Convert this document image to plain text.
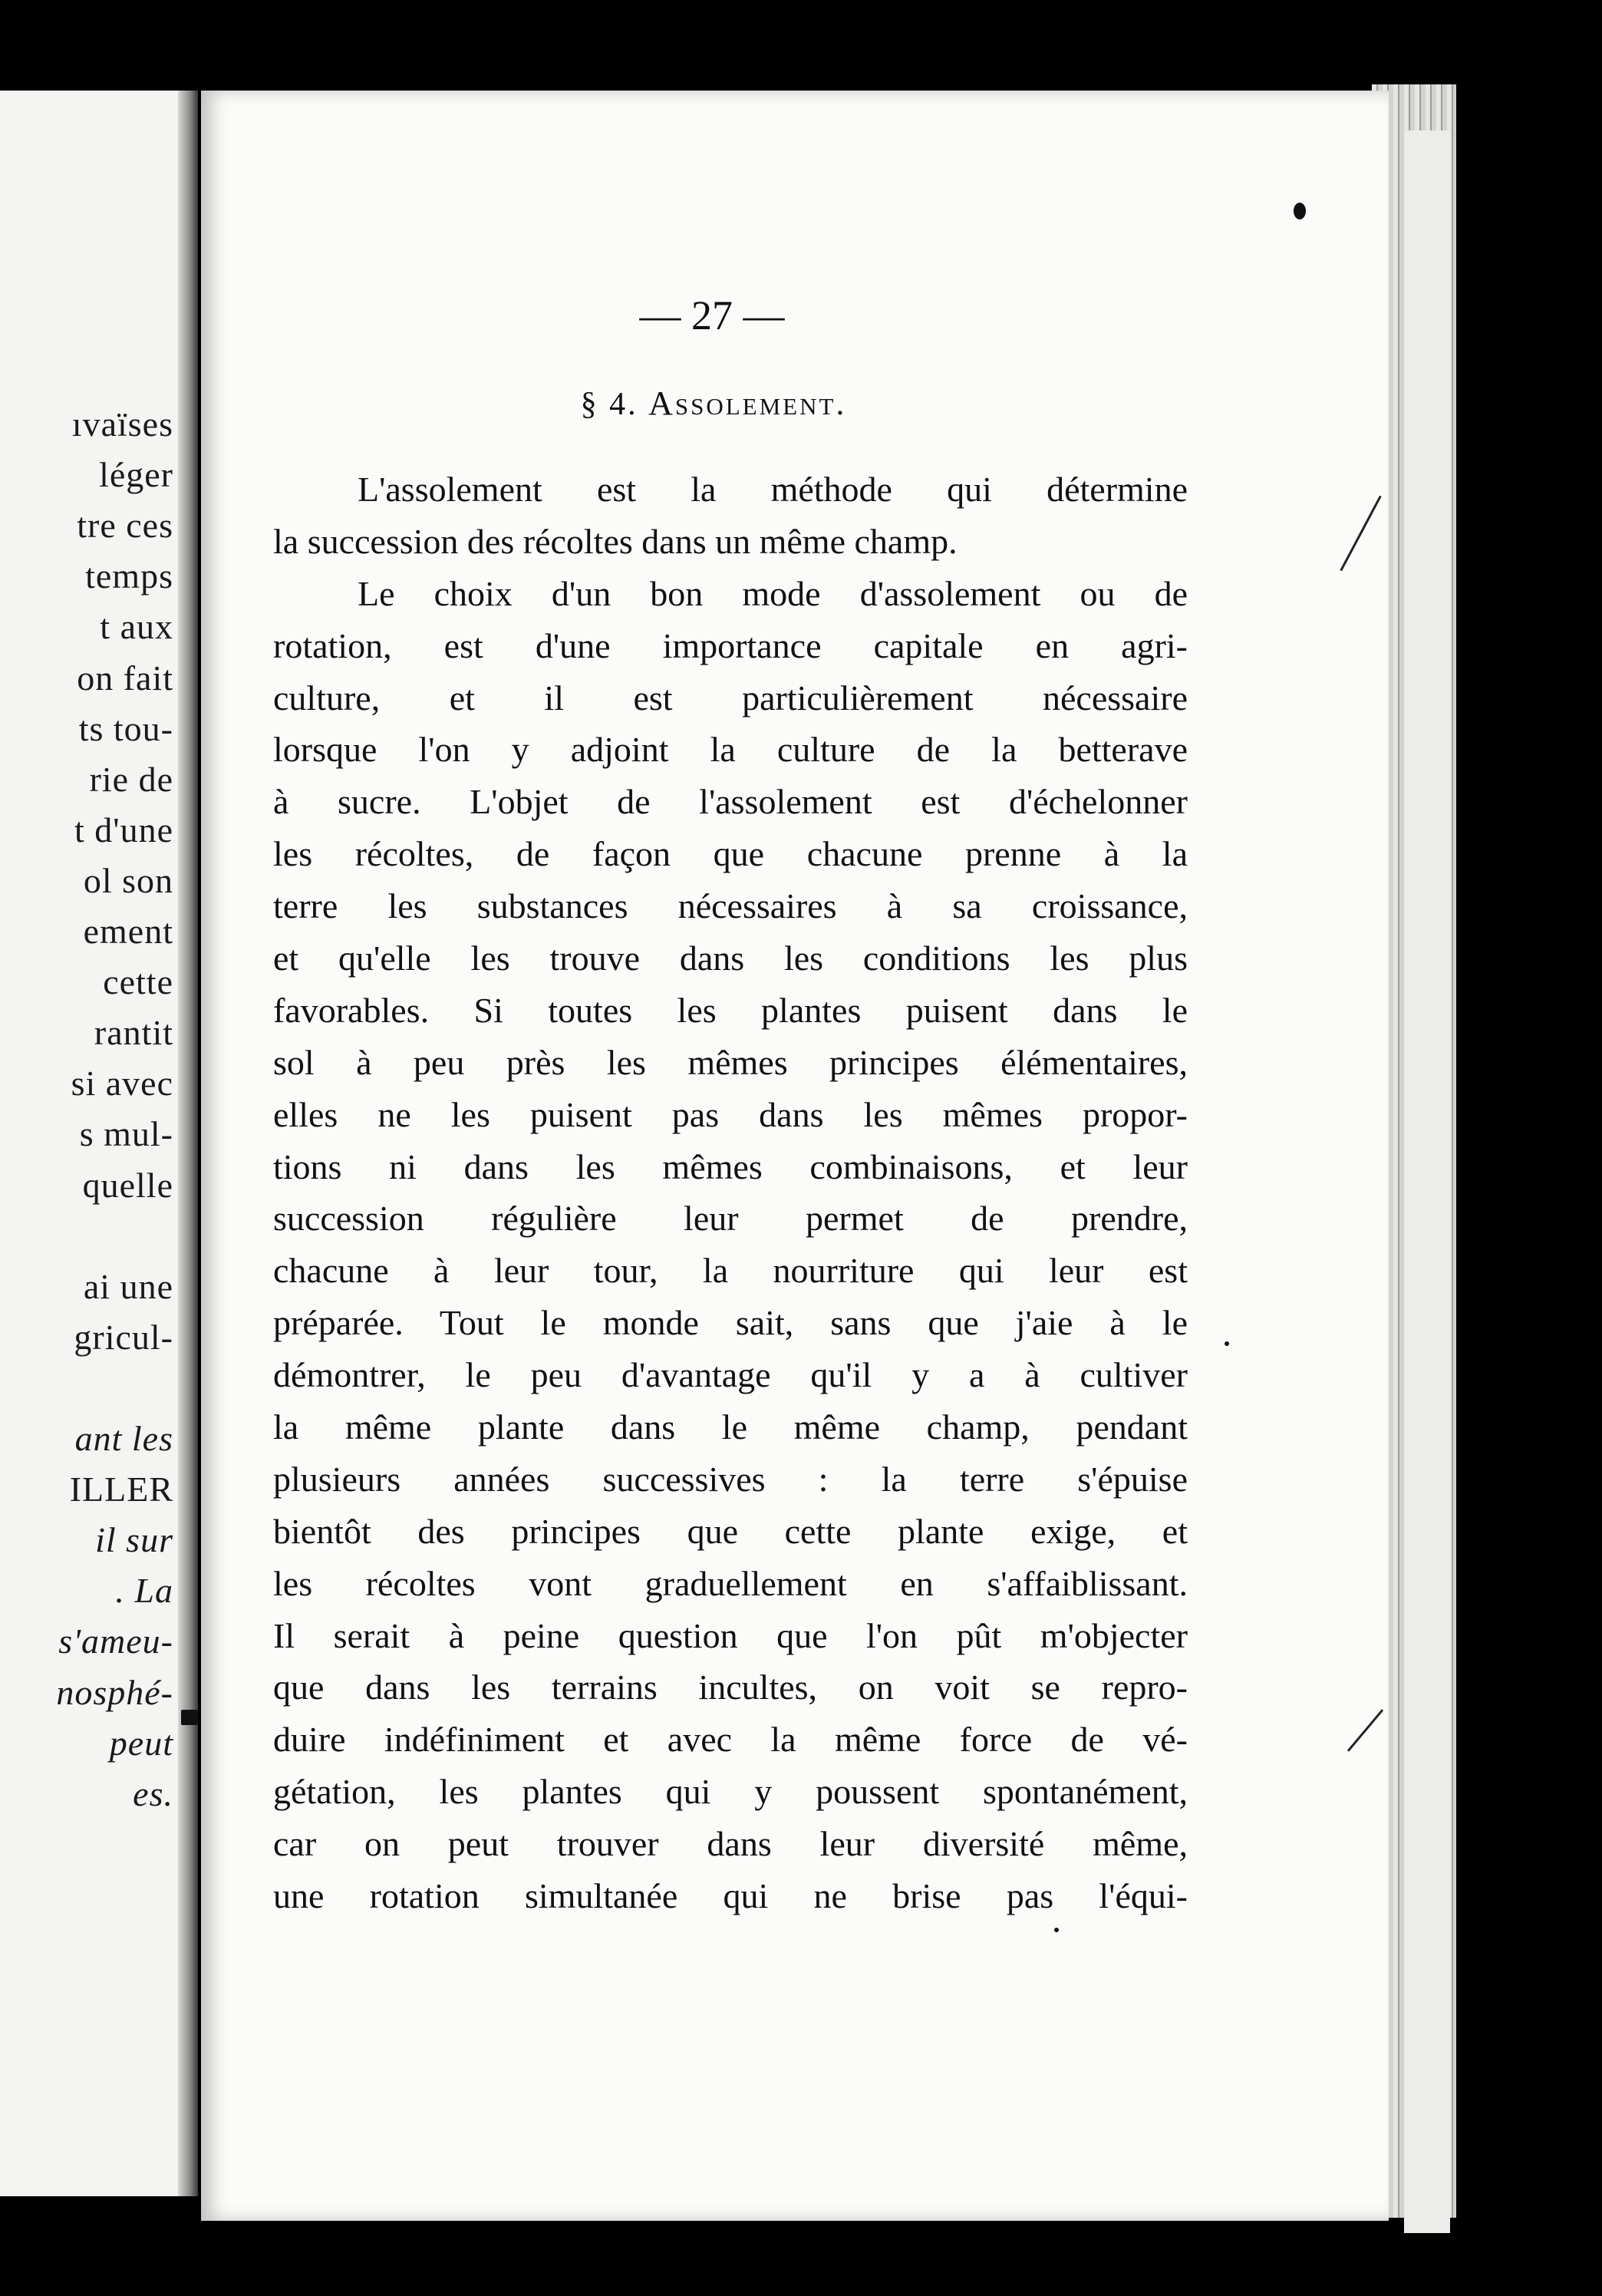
ıvaïses
léger
tre ces
temps
t aux
on fait
ts tou-
rie de
t d'une
ol son
ement
cette
rantit
si avec
s mul-
quelle
ai une
gricul-
ant les
ILLER
il sur
. La
s'ameu-
nosphé-
peut
es.
— 27 —
§ 4. Assolement.
L'assolement est la méthode qui détermine
la succession des récoltes dans un même champ.
Le choix d'un bon mode d'assolement ou de
rotation, est d'une importance capitale en agri-
culture, et il est particulièrement nécessaire
lorsque l'on y adjoint la culture de la betterave
à sucre. L'objet de l'assolement est d'échelonner
les récoltes, de façon que chacune prenne à la
terre les substances nécessaires à sa croissance,
et qu'elle les trouve dans les conditions les plus
favorables. Si toutes les plantes puisent dans le
sol à peu près les mêmes principes élémentaires,
elles ne les puisent pas dans les mêmes propor-
tions ni dans les mêmes combinaisons, et leur
succession régulière leur permet de prendre,
chacune à leur tour, la nourriture qui leur est
préparée. Tout le monde sait, sans que j'aie à le
démontrer, le peu d'avantage qu'il y a à cultiver
la même plante dans le même champ, pendant
plusieurs années successives : la terre s'épuise
bientôt des principes que cette plante exige, et
les récoltes vont graduellement en s'affaiblissant.
Il serait à peine question que l'on pût m'objecter
que dans les terrains incultes, on voit se repro-
duire indéfiniment et avec la même force de vé-
gétation, les plantes qui y poussent spontanément,
car on peut trouver dans leur diversité même,
une rotation simultanée qui ne brise pas l'équi-
